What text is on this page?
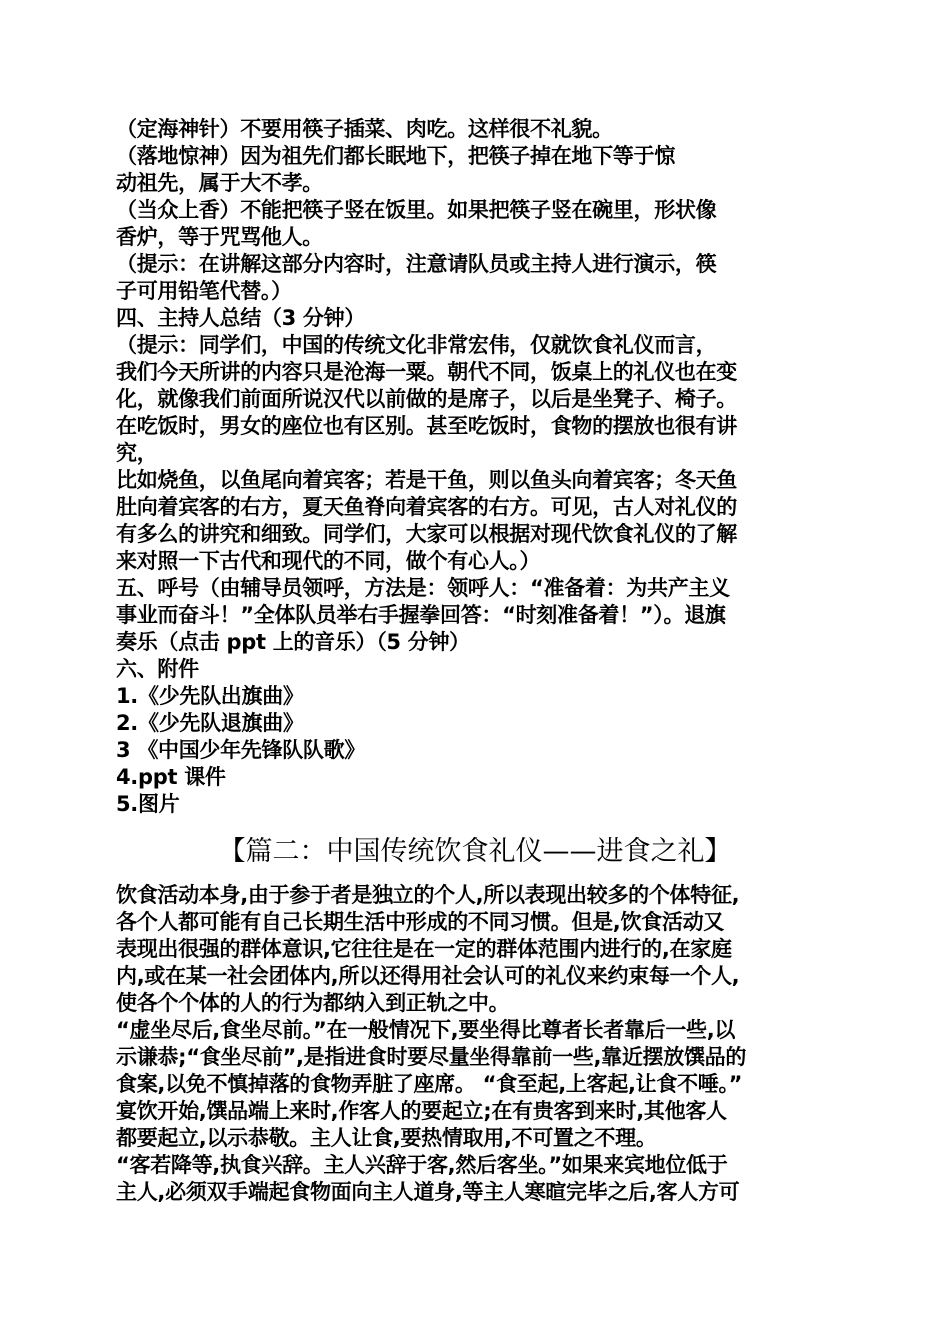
（定海神针）不要用筷子插菜、肉吃。这样很不礼貌。
（落地惊神）因为祖先们都长眠地下，把筷子掉在地下等于惊
动祖先，属于大不孝。
（当众上香）不能把筷子竖在饭里。如果把筷子竖在碗里，形状像
香炉，等于咒骂他人。
（提示：在讲解这部分内容时，注意请队员或主持人进行演示，筷
子可用铅笔代替。）
四、主持人总结（3 分钟）
（提示：同学们，中国的传统文化非常宏伟，仅就饮食礼仪而言，
我们今天所讲的内容只是沧海一粟。朝代不同，饭桌上的礼仪也在变
化，就像我们前面所说汉代以前做的是席子，以后是坐凳子、椅子。
在吃饭时，男女的座位也有区别。甚至吃饭时，食物的摆放也很有讲
究，
比如烧鱼，以鱼尾向着宾客；若是干鱼，则以鱼头向着宾客；冬天鱼
肚向着宾客的右方，夏天鱼脊向着宾客的右方。可见，古人对礼仪的
有多么的讲究和细致。同学们，大家可以根据对现代饮食礼仪的了解
来对照一下古代和现代的不同，做个有心人。）
五、呼号（由辅导员领呼，方法是：领呼人：“准备着：为共产主义
事业而奋斗！”全体队员举右手握拳回答：“时刻准备着！”）。退旗
奏乐（点击 ppt 上的音乐）（5 分钟）
六、附件
1.《少先队出旗曲》
2.《少先队退旗曲》
3 《中国少年先锋队队歌》
4.ppt 课件
5.图片
【篇二：中国传统饮食礼仪——进食之礼】
饮食活动本身,由于参于者是独立的个人,所以表现出较多的个体特征,
各个人都可能有自己长期生活中形成的不同习惯。但是,饮食活动又
表现出很强的群体意识,它往往是在一定的群体范围内进行的,在家庭
内,或在某一社会团体内,所以还得用社会认可的礼仪来约束每一个人,
使各个个体的人的行为都纳入到正轨之中。
“虚坐尽后,食坐尽前。”在一般情况下,要坐得比尊者长者靠后一些,以
示谦恭;“食坐尽前”,是指进食时要尽量坐得靠前一些,靠近摆放馔品的
食案,以免不慎掉落的食物弄脏了座席。 “食至起,上客起,让食不唾。”
宴饮开始,馔品端上来时,作客人的要起立;在有贵客到来时,其他客人
都要起立,以示恭敬。主人让食,要热情取用,不可置之不理。
“客若降等,执食兴辞。主人兴辞于客,然后客坐。”如果来宾地位低于
主人,必须双手端起食物面向主人道身,等主人寒暄完毕之后,客人方可
